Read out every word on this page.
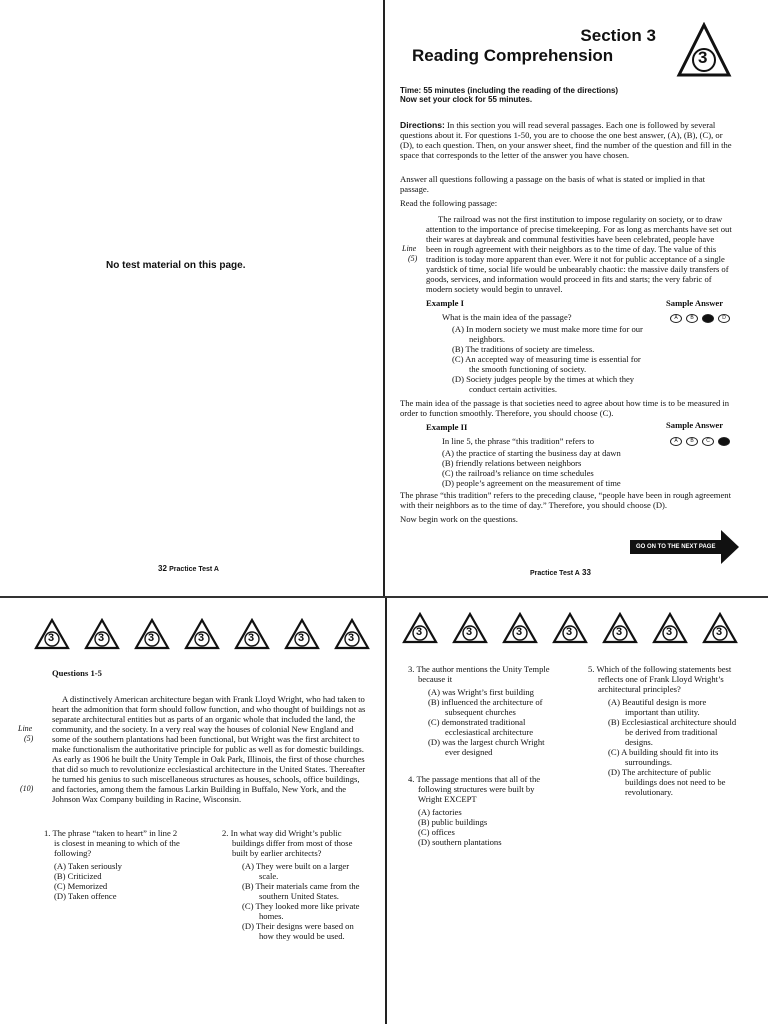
No test material on this page.
32 Practice Test A
Section 3
Reading Comprehension	3
Time: 55 minutes (including the reading of the directions)
Now set your clock for 55 minutes.
Directions: In this section you will read several passages. Each one is followed by several questions about it. For questions 1-50, you are to choose the one best answer, (A), (B), (C), or (D), to each question. Then, on your answer sheet, find the number of the question and fill in the space that corresponds to the letter of the answer you have chosen.
Answer all questions following a passage on the basis of what is stated or implied in that passage.
Read the following passage:
The railroad was not the first institution to impose regularity on society, or to draw attention to the importance of precise timekeeping. For as long as merchants have set out their wares at daybreak and communal festivities have been celebrated, people have been in rough agreement with their neighbors as to the time of day. The value of this tradition is today more apparent than ever. Were it not for public acceptance of a single yardstick of time, social life would be unbearably chaotic: the massive daily transfers of goods, services, and information would proceed in fits and starts; the very fabric of modern society would begin to unravel.
Line
(5)
Example I	Sample Answer
What is the main idea of the passage?	A	B	D
(A) In modern society we must make more time for our neighbors.
(B) The traditions of society are timeless.
(C) An accepted way of measuring time is essential for the smooth functioning of society.
(D) Society judges people by the times at which they conduct certain activities.
The main idea of the passage is that societies need to agree about how time is to be measured in order to function smoothly. Therefore, you should choose (C).
Example II	Sample Answer
In line 5, the phrase “this tradition” refers to	A	B	C
(A) the practice of starting the business day at dawn
(B) friendly relations between neighbors
(C) the railroad’s reliance on time schedules
(D) people’s agreement on the measurement of time
The phrase “this tradition” refers to the preceding clause, “people have been in rough agreement with their neighbors as to the time of day.” Therefore, you should choose (D).
Now begin work on the questions.
GO ON TO THE NEXT PAGE
Practice Test A 33
3	3	3	3	3	3	3
Questions 1-5
A distinctively American architecture began with Frank Lloyd Wright, who had taken to heart the admonition that form should follow function, and who thought of buildings not as separate architectural entities but as parts of an organic whole that included the land, the community, and the society. In a very real way the houses of colonial New England and some of the southern plantations had been functional, but Wright was the first architect to make functionalism the authoritative principle for public as well as for domestic buildings. As early as 1906 he built the Unity Temple in Oak Park, Illinois, the first of those churches that did so much to revolutionize ecclesiastical architecture in the United States. Thereafter he turned his genius to such miscellaneous structures as houses, schools, office buildings, and factories, among them the famous Larkin Building in Buffalo, New York, and the Johnson Wax Company building in Racine, Wisconsin.
Line
(5)
(10)
1. The phrase “taken to heart” in line 2 is closest in meaning to which of the following?
(A) Taken seriously
(B) Criticized
(C) Memorized
(D) Taken offence
2. In what way did Wright’s public buildings differ from most of those built by earlier architects?
(A) They were built on a larger scale.
(B) Their materials came from the southern United States.
(C) They looked more like private homes.
(D) Their designs were based on how they would be used.
3	3	3	3	3	3	3
3. The author mentions the Unity Temple because it
(A) was Wright’s first building
(B) influenced the architecture of subsequent churches
(C) demonstrated traditional ecclesiastical architecture
(D) was the largest church Wright ever designed
4. The passage mentions that all of the following structures were built by Wright EXCEPT
(A) factories
(B) public buildings
(C) offices
(D) southern plantations
5. Which of the following statements best reflects one of Frank Lloyd Wright’s architectural principles?
(A) Beautiful design is more important than utility.
(B) Ecclesiastical architecture should be derived from traditional designs.
(C) A building should fit into its surroundings.
(D) The architecture of public buildings does not need to be revolutionary.
